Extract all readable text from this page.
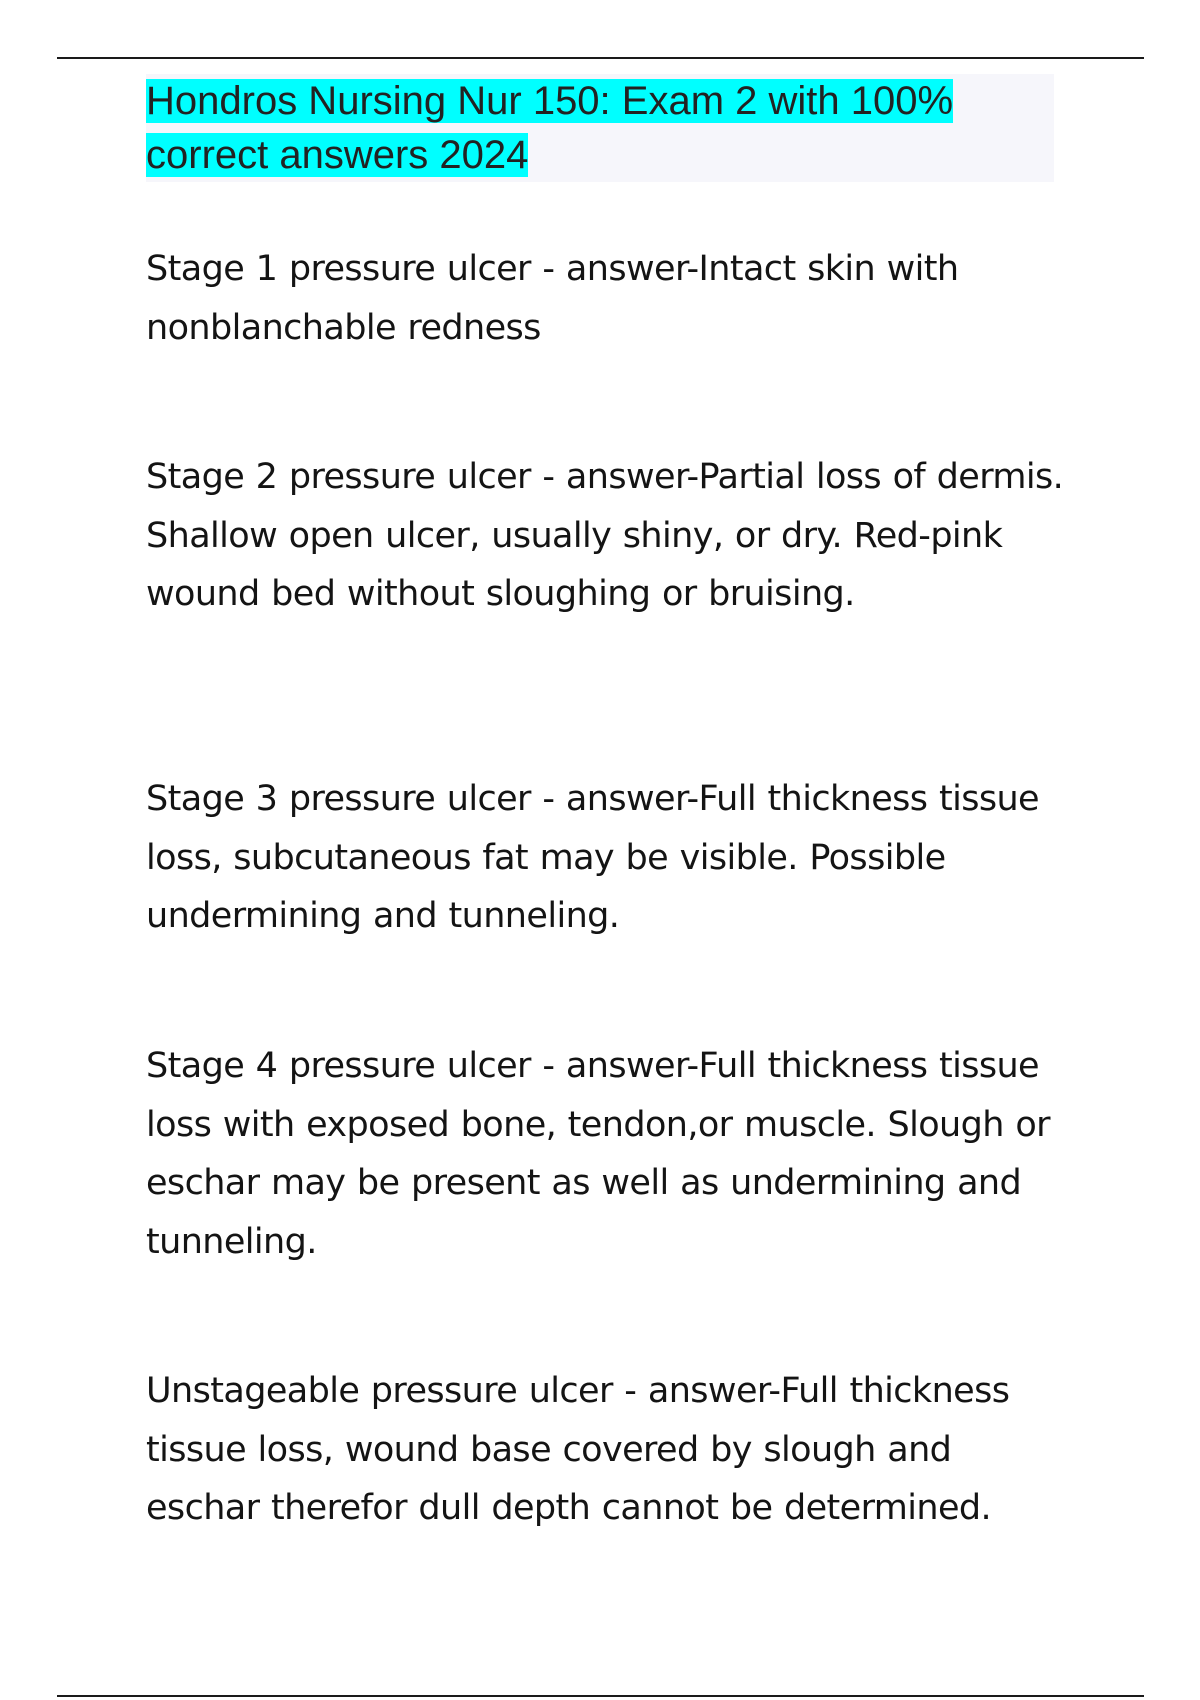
Hondros Nursing Nur 150: Exam 2 with 100% correct answers 2024

Stage 1 pressure ulcer - answer-Intact skin with nonblanchable redness

Stage 2 pressure ulcer - answer-Partial loss of dermis. Shallow open ulcer, usually shiny, or dry. Red-pink wound bed without sloughing or bruising.

Stage 3 pressure ulcer - answer-Full thickness tissue loss, subcutaneous fat may be visible. Possible undermining and tunneling.

Stage 4 pressure ulcer - answer-Full thickness tissue loss with exposed bone, tendon,or muscle. Slough or eschar may be present as well as undermining and tunneling.

Unstageable pressure ulcer - answer-Full thickness tissue loss, wound base covered by slough and eschar therefor dull depth cannot be determined.
